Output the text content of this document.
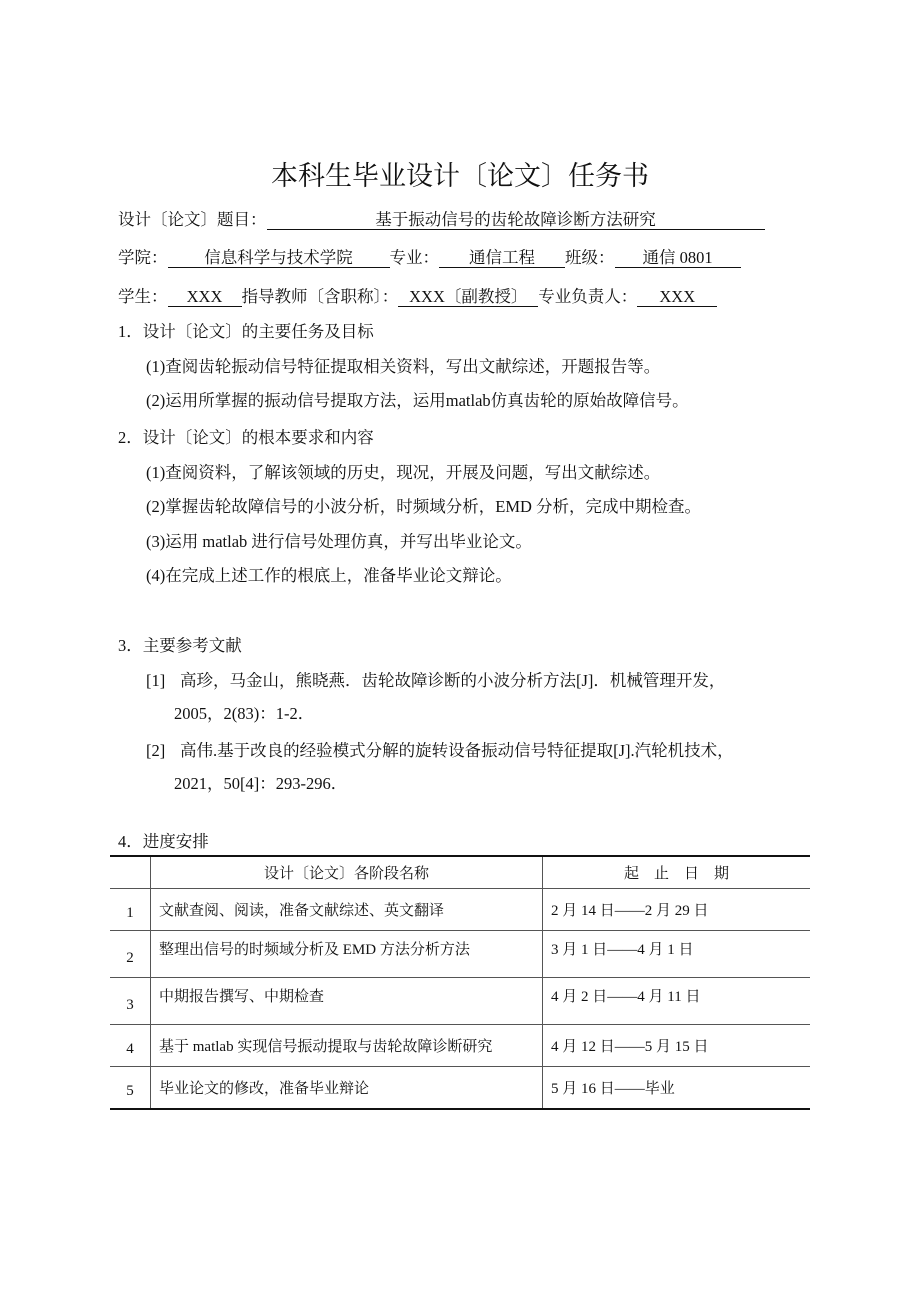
本科生毕业设计〔论文〕任务书
设计〔论文〕题目：	基于振动信号的齿轮故障诊断方法研究
学院： 信息科学与技术学院 专业： 通信工程 班级： 通信 0801
学生： XXX 指导教师〔含职称〕： XXX〔副教授〕 专业负责人： XXX
1．设计〔论文〕的主要任务及目标
(1)查阅齿轮振动信号特征提取相关资料，写出文献综述，开题报告等。
(2)运用所掌握的振动信号提取方法，运用matlab仿真齿轮的原始故障信号。
2．设计〔论文〕的根本要求和内容
(1)查阅资料，了解该领域的历史，现况，开展及问题，写出文献综述。
(2)掌握齿轮故障信号的小波分析，时频域分析，EMD 分析，完成中期检查。
(3)运用 matlab 进行信号处理仿真，并写出毕业论文。
(4)在完成上述工作的根底上，准备毕业论文辩论。
3．主要参考文献
[1] 高珍，马金山，熊晓燕．齿轮故障诊断的小波分析方法[J]．机械管理开发，
2005，2(83)：1-2．
[2] 高伟.基于改良的经验模式分解的旋转设备振动信号特征提取[J].汽轮机技术，
2021，50[4]：293-296．
4．进度安排
	设计〔论文〕各阶段名称	起　止　日　期
1	文献查阅、阅读，准备文献综述、英文翻译	2 月 14 日——2 月 29 日
2	整理出信号的时频域分析及 EMD 方法分析方法	3 月 1 日——4 月 1 日
3	中期报告撰写、中期检查	4 月 2 日——4 月 11 日
4	基于 matlab 实现信号振动提取与齿轮故障诊断研究	4 月 12 日——5 月 15 日
5	毕业论文的修改，准备毕业辩论	5 月 16 日——毕业
